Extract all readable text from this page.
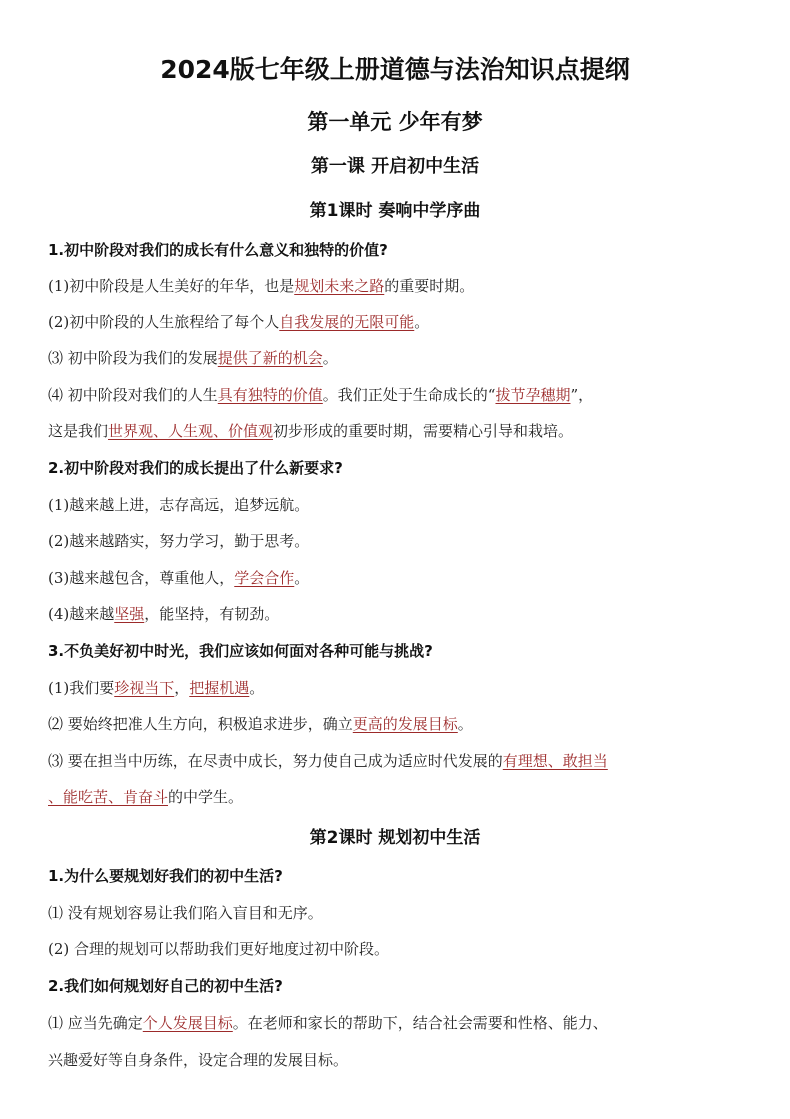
2024版七年级上册道德与法治知识点提纲
第一单元 少年有梦
第一课 开启初中生活
第1课时 奏响中学序曲
1.初中阶段对我们的成长有什么意义和独特的价值?
(1)初中阶段是人生美好的年华，也是规划未来之路的重要时期。
(2)初中阶段的人生旅程给了每个人自我发展的无限可能。
⑶ 初中阶段为我们的发展提供了新的机会。
⑷ 初中阶段对我们的人生具有独特的价值。我们正处于生命成长的“拔节孕穗期”，
这是我们世界观、人生观、价值观初步形成的重要时期，需要精心引导和栽培。
2.初中阶段对我们的成长提出了什么新要求?
(1)越来越上进，志存高远，追梦远航。
(2)越来越踏实，努力学习，勤于思考。
(3)越来越包含，尊重他人，学会合作。
(4)越来越坚强，能坚持，有韧劲。
3.不负美好初中时光，我们应该如何面对各种可能与挑战?
(1)我们要珍视当下，把握机遇。
⑵ 要始终把准人生方向，积极追求进步，确立更高的发展目标。
⑶ 要在担当中历练，在尽责中成长，努力使自己成为适应时代发展的有理想、敢担当
、能吃苦、肯奋斗的中学生。
第2课时 规划初中生活
1.为什么要规划好我们的初中生活?
⑴ 没有规划容易让我们陷入盲目和无序。
(2) 合理的规划可以帮助我们更好地度过初中阶段。
2.我们如何规划好自己的初中生活?
⑴ 应当先确定个人发展目标。在老师和家长的帮助下，结合社会需要和性格、能力、
兴趣爱好等自身条件，设定合理的发展目标。
